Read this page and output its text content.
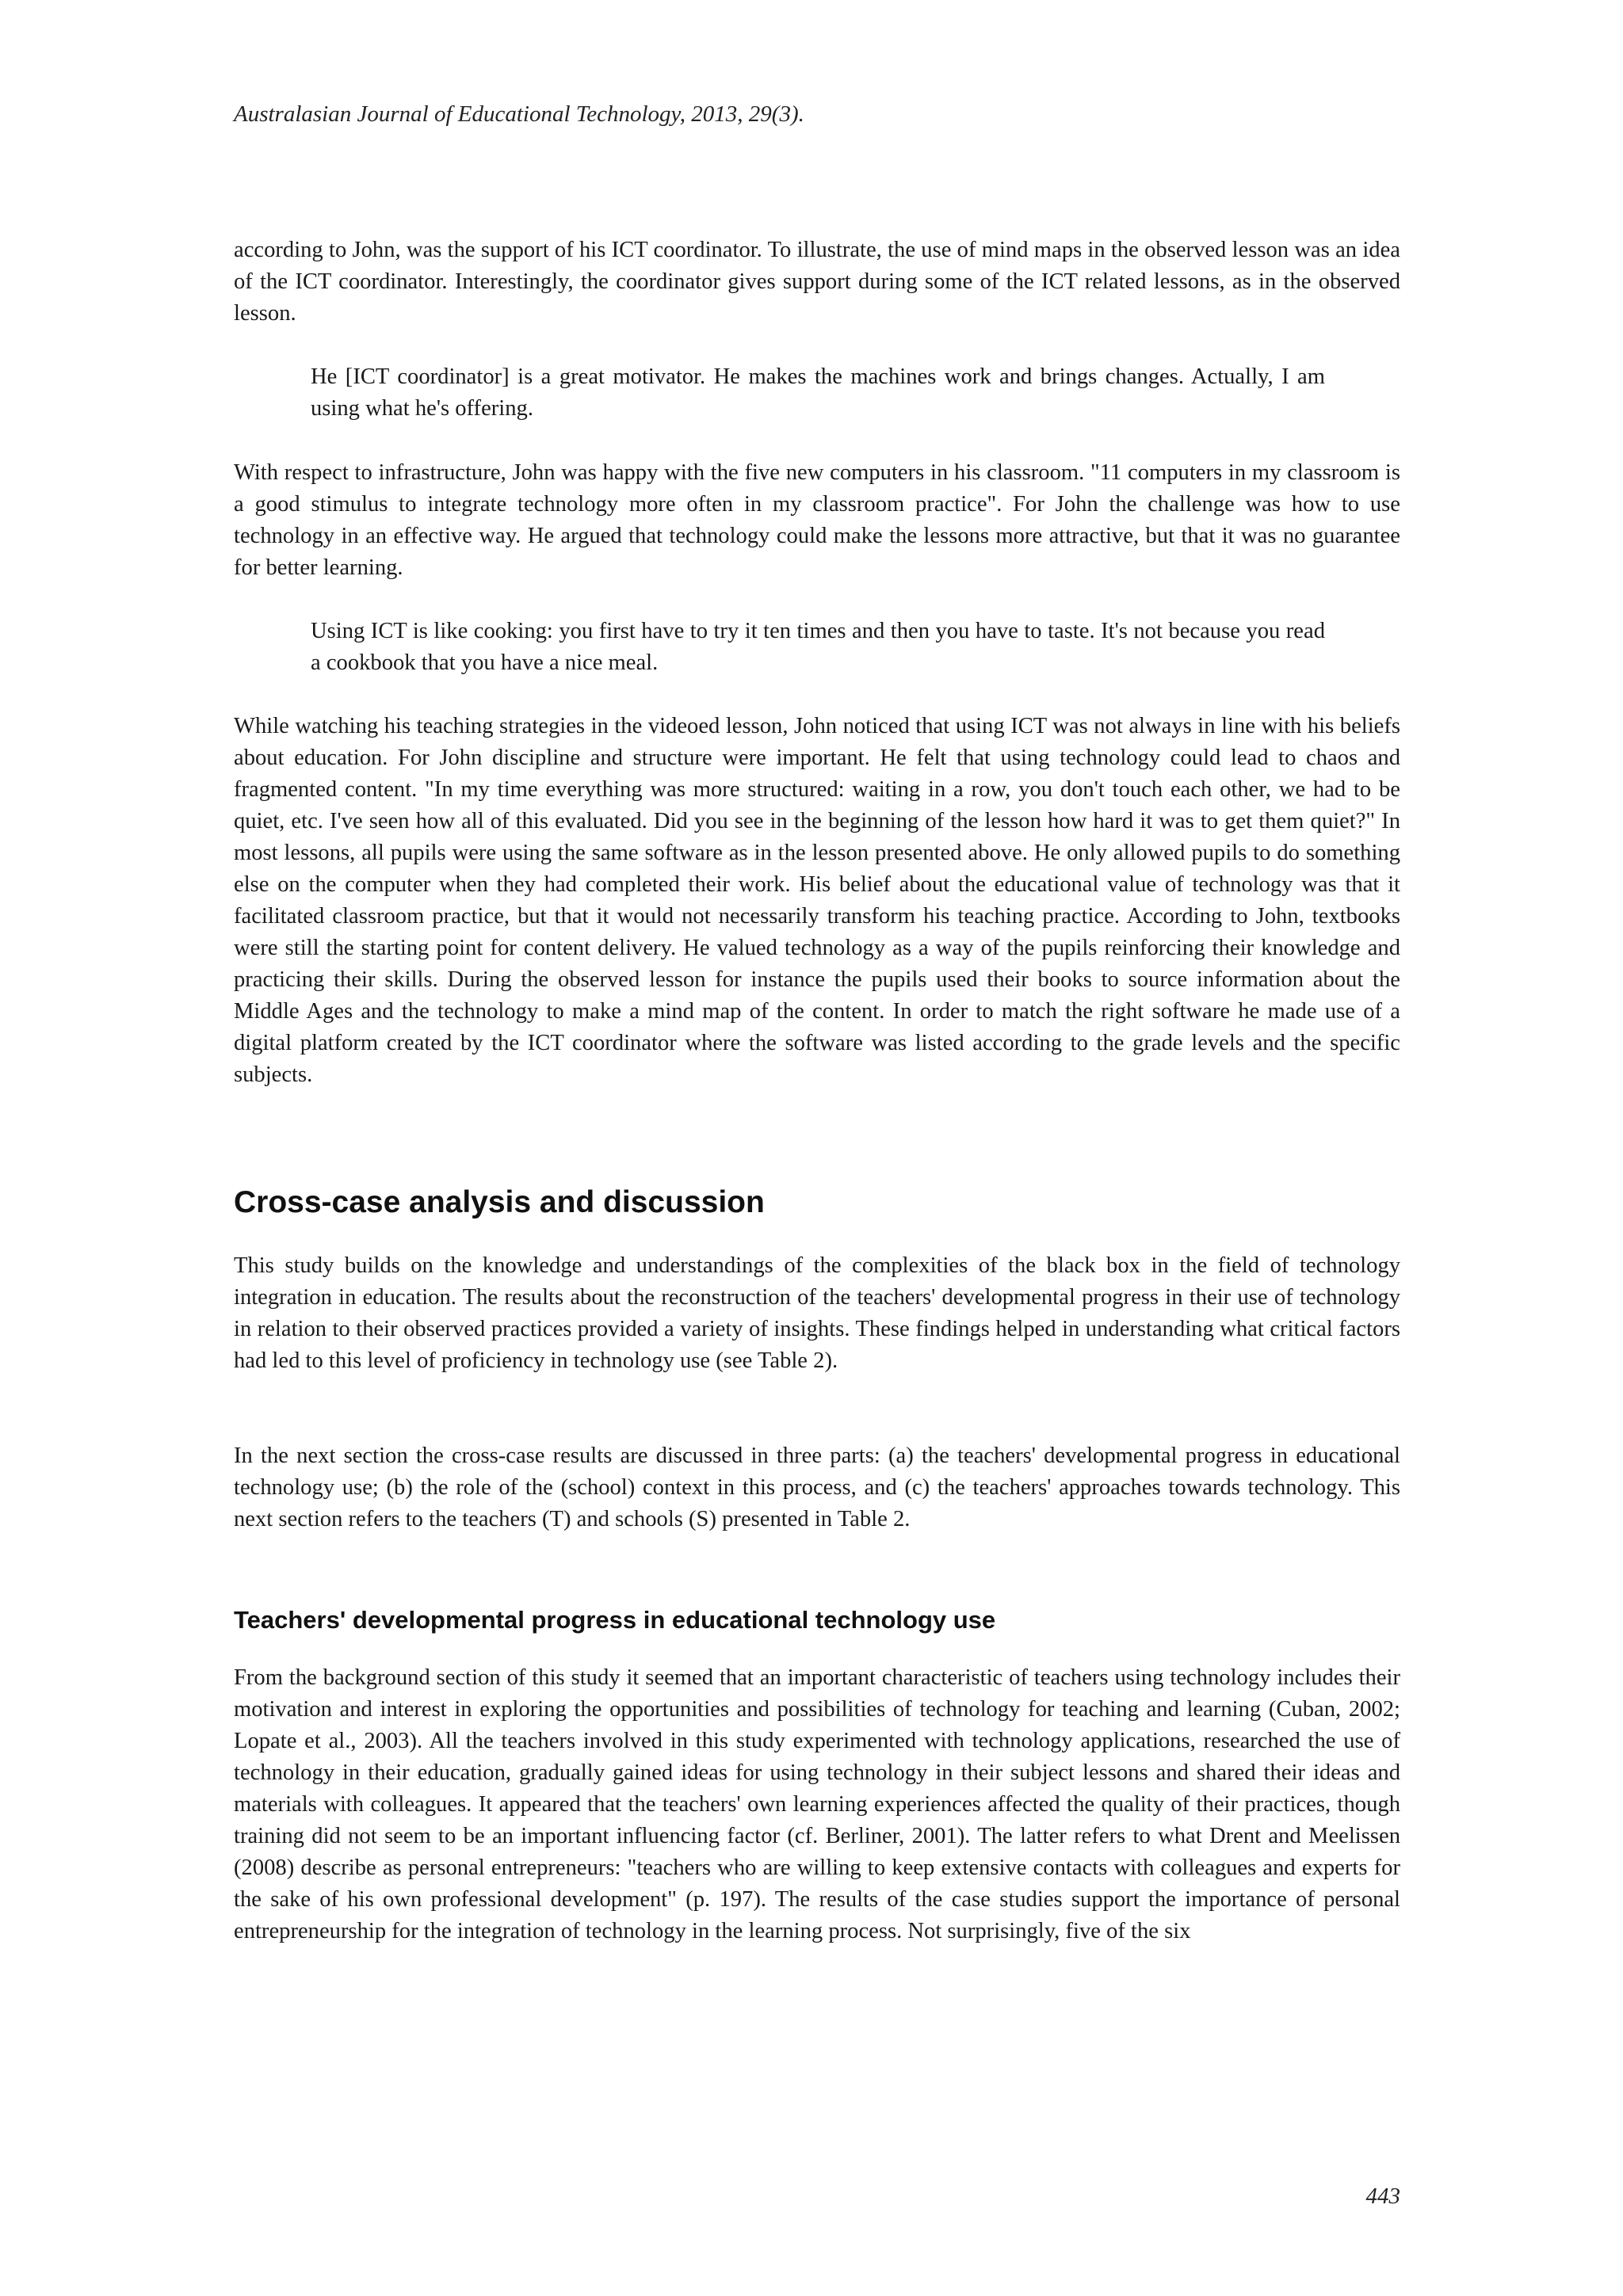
Australasian Journal of Educational Technology, 2013, 29(3).

according to John, was the support of his ICT coordinator. To illustrate, the use of mind maps in the observed lesson was an idea of the ICT coordinator. Interestingly, the coordinator gives support during some of the ICT related lessons, as in the observed lesson.

He [ICT coordinator] is a great motivator. He makes the machines work and brings changes. Actually, I am using what he's offering.

With respect to infrastructure, John was happy with the five new computers in his classroom. "11 computers in my classroom is a good stimulus to integrate technology more often in my classroom practice". For John the challenge was how to use technology in an effective way. He argued that technology could make the lessons more attractive, but that it was no guarantee for better learning.

Using ICT is like cooking: you first have to try it ten times and then you have to taste. It's not because you read a cookbook that you have a nice meal.

While watching his teaching strategies in the videoed lesson, John noticed that using ICT was not always in line with his beliefs about education. For John discipline and structure were important. He felt that using technology could lead to chaos and fragmented content. "In my time everything was more structured: waiting in a row, you don't touch each other, we had to be quiet, etc. I've seen how all of this evaluated. Did you see in the beginning of the lesson how hard it was to get them quiet?" In most lessons, all pupils were using the same software as in the lesson presented above. He only allowed pupils to do something else on the computer when they had completed their work. His belief about the educational value of technology was that it facilitated classroom practice, but that it would not necessarily transform his teaching practice. According to John, textbooks were still the starting point for content delivery. He valued technology as a way of the pupils reinforcing their knowledge and practicing their skills. During the observed lesson for instance the pupils used their books to source information about the Middle Ages and the technology to make a mind map of the content. In order to match the right software he made use of a digital platform created by the ICT coordinator where the software was listed according to the grade levels and the specific subjects.

Cross-case analysis and discussion

This study builds on the knowledge and understandings of the complexities of the black box in the field of technology integration in education. The results about the reconstruction of the teachers' developmental progress in their use of technology in relation to their observed practices provided a variety of insights. These findings helped in understanding what critical factors had led to this level of proficiency in technology use (see Table 2).

In the next section the cross-case results are discussed in three parts: (a) the teachers' developmental progress in educational technology use; (b) the role of the (school) context in this process, and (c) the teachers' approaches towards technology. This next section refers to the teachers (T) and schools (S) presented in Table 2.

Teachers' developmental progress in educational technology use

From the background section of this study it seemed that an important characteristic of teachers using technology includes their motivation and interest in exploring the opportunities and possibilities of technology for teaching and learning (Cuban, 2002; Lopate et al., 2003). All the teachers involved in this study experimented with technology applications, researched the use of technology in their education, gradually gained ideas for using technology in their subject lessons and shared their ideas and materials with colleagues. It appeared that the teachers' own learning experiences affected the quality of their practices, though training did not seem to be an important influencing factor (cf. Berliner, 2001). The latter refers to what Drent and Meelissen (2008) describe as personal entrepreneurs: "teachers who are willing to keep extensive contacts with colleagues and experts for the sake of his own professional development" (p. 197). The results of the case studies support the importance of personal entrepreneurship for the integration of technology in the learning process. Not surprisingly, five of the six

443
